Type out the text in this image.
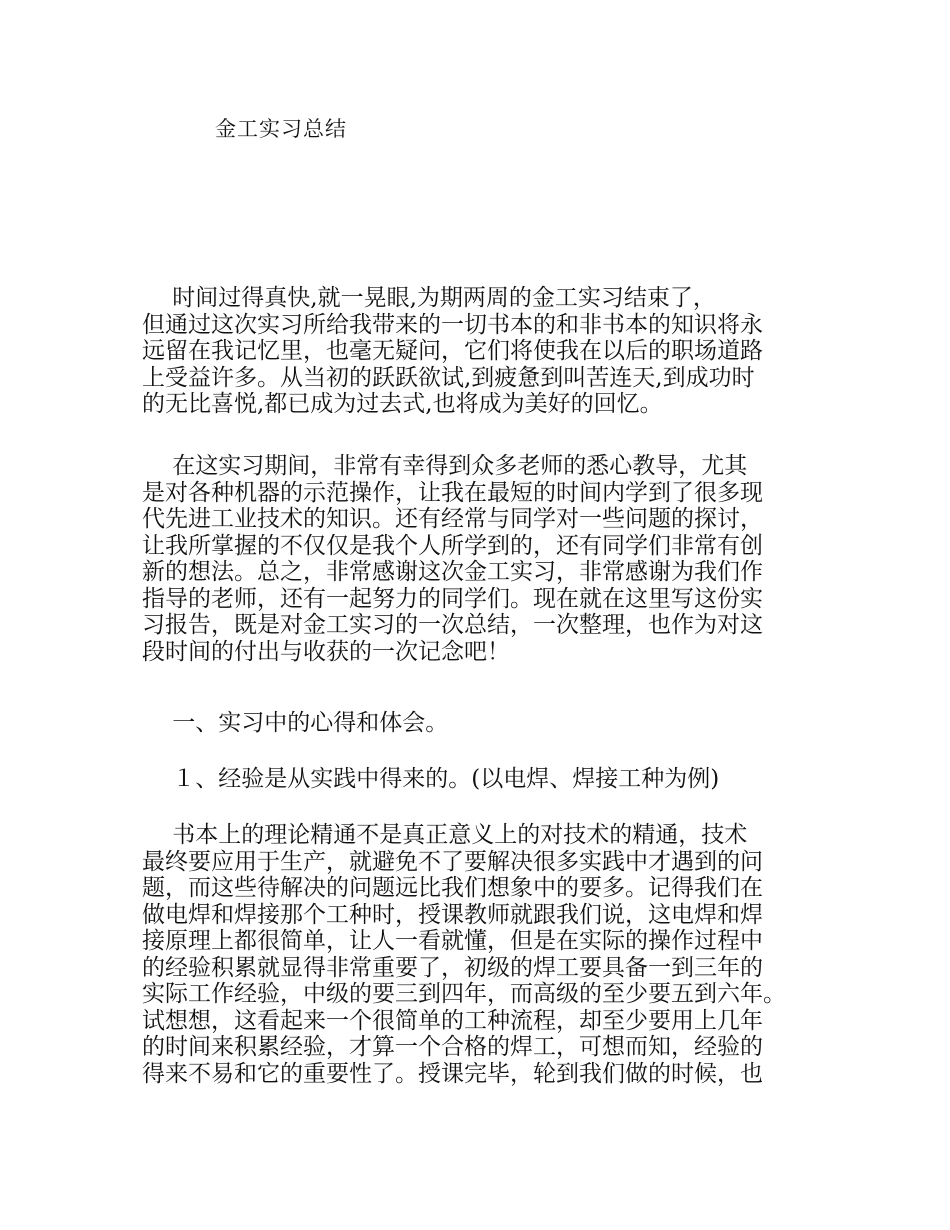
金工实习总结
　 时间过得真快,就一晃眼,为期两周的金工实习结束了，
但通过这次实习所给我带来的一切书本的和非书本的知识将永
远留在我记忆里，也毫无疑问，它们将使我在以后的职场道路
上受益许多。从当初的跃跃欲试,到疲惫到叫苦连天,到成功时
的无比喜悦,都已成为过去式,也将成为美好的回忆。
　 在这实习期间，非常有幸得到众多老师的悉心教导，尤其
是对各种机器的示范操作，让我在最短的时间内学到了很多现
代先进工业技术的知识。还有经常与同学对一些问题的探讨，
让我所掌握的不仅仅是我个人所学到的，还有同学们非常有创
新的想法。总之，非常感谢这次金工实习，非常感谢为我们作
指导的老师，还有一起努力的同学们。现在就在这里写这份实
习报告，既是对金工实习的一次总结，一次整理，也作为对这
段时间的付出与收获的一次记念吧！
　 一、实习中的心得和体会。
　 １、经验是从实践中得来的。(以电焊、焊接工种为例)
　 书本上的理论精通不是真正意义上的对技术的精通，技术
最终要应用于生产，就避免不了要解决很多实践中才遇到的问
题，而这些待解决的问题远比我们想象中的要多。记得我们在
做电焊和焊接那个工种时，授课教师就跟我们说，这电焊和焊
接原理上都很简单，让人一看就懂，但是在实际的操作过程中
的经验积累就显得非常重要了，初级的焊工要具备一到三年的
实际工作经验，中级的要三到四年，而高级的至少要五到六年。
试想想，这看起来一个很简单的工种流程，却至少要用上几年
的时间来积累经验，才算一个合格的焊工，可想而知，经验的
得来不易和它的重要性了。授课完毕，轮到我们做的时候，也
